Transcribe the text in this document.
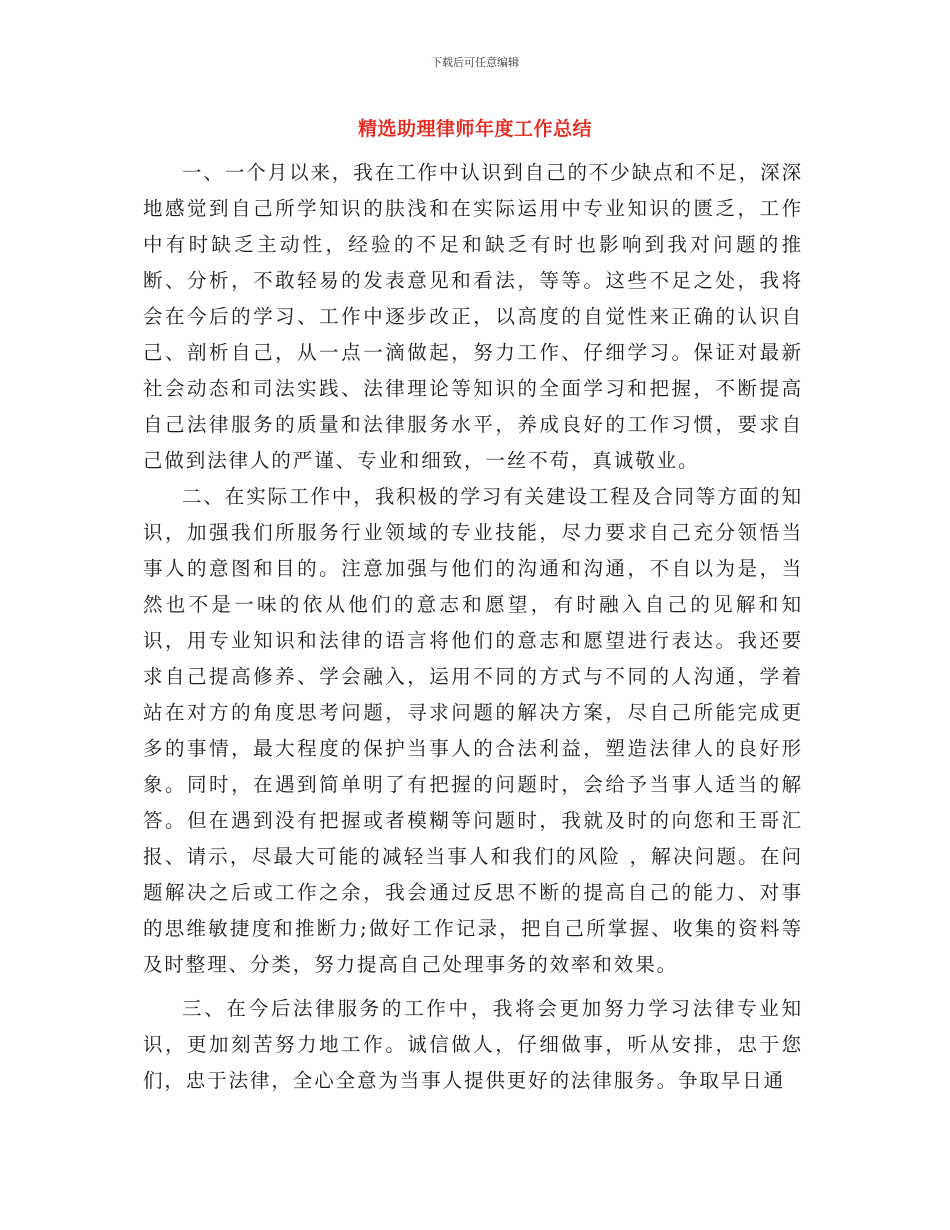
下载后可任意编辑
精选助理律师年度工作总结

一、一个月以来，我在工作中认识到自己的不少缺点和不足，深深地感觉到自己所学知识的肤浅和在实际运用中专业知识的匮乏，工作中有时缺乏主动性，经验的不足和缺乏有时也影响到我对问题的推断、分析，不敢轻易的发表意见和看法，等等。这些不足之处，我将会在今后的学习、工作中逐步改正，以高度的自觉性来正确的认识自己、剖析自己，从一点一滴做起，努力工作、仔细学习。保证对最新社会动态和司法实践、法律理论等知识的全面学习和把握，不断提高自己法律服务的质量和法律服务水平，养成良好的工作习惯，要求自己做到法律人的严谨、专业和细致，一丝不苟，真诚敬业。

二、在实际工作中，我积极的学习有关建设工程及合同等方面的知识，加强我们所服务行业领域的专业技能，尽力要求自己充分领悟当事人的意图和目的。注意加强与他们的沟通和沟通，不自以为是，当然也不是一味的依从他们的意志和愿望，有时融入自己的见解和知识，用专业知识和法律的语言将他们的意志和愿望进行表达。我还要求自己提高修养、学会融入，运用不同的方式与不同的人沟通，学着站在对方的角度思考问题，寻求问题的解决方案，尽自己所能完成更多的事情，最大程度的保护当事人的合法利益，塑造法律人的良好形象。同时，在遇到简单明了有把握的问题时，会给予当事人适当的解答。但在遇到没有把握或者模糊等问题时，我就及时的向您和王哥汇报、请示，尽最大可能的减轻当事人和我们的风险 ，解决问题。在问题解决之后或工作之余，我会通过反思不断的提高自己的能力、对事的思维敏捷度和推断力;做好工作记录，把自己所掌握、收集的资料等及时整理、分类，努力提高自己处理事务的效率和效果。

三、在今后法律服务的工作中，我将会更加努力学习法律专业知识，更加刻苦努力地工作。诚信做人，仔细做事，听从安排，忠于您们，忠于法律，全心全意为当事人提供更好的法律服务。争取早日通
